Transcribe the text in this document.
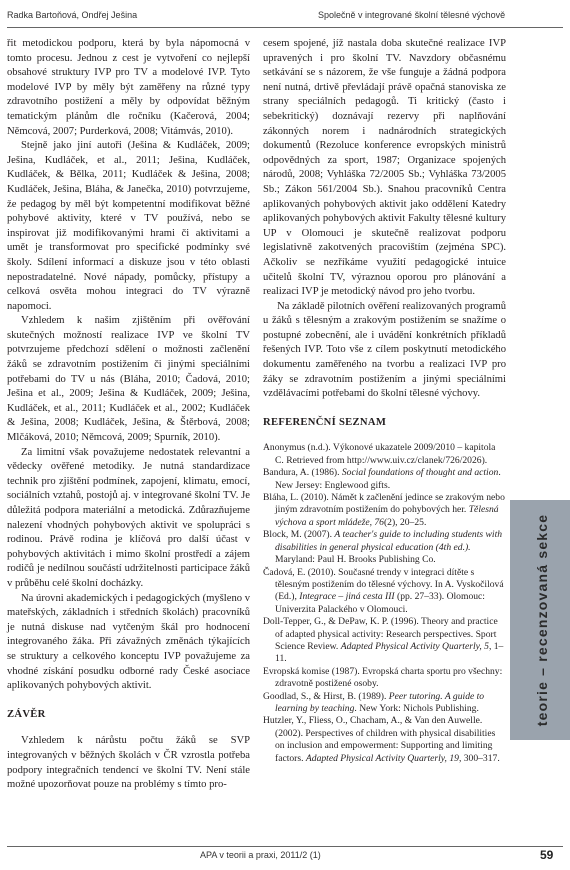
Radka Bartoňová, Ondřej Ješina	Společně v integrované školní tělesné výchově

řit metodickou podporu, která by byla nápomocná v tomto procesu. Jednou z cest je vytvoření co nejlepší obsahové struktury IVP pro TV a modelové IVP. Tyto modelové IVP by měly být zaměřeny na různé typy zdravotního postižení a měly by odpovídat běžným tematickým plánům dle ročníku (Kačerová, 2004; Němcová, 2007; Purderková, 2008; Vitámvás, 2010).

Stejně jako jiní autoři (Ješina & Kudláček, 2009; Ješina, Kudláček, et al., 2011; Ješina, Kudláček, Kudláček, & Bělka, 2011; Kudláček & Ješina, 2008; Kudláček, Ješina, Bláha, & Janečka, 2010) potvrzujeme, že pedagog by měl být kompetentní modifikovat běžné pohybové aktivity, které v TV používá, nebo se inspirovat již modifikovanými hrami či aktivitami a umět je transformovat pro specifické podmínky své školy. Sdílení informací a diskuze jsou v této oblasti nepostradatelné. Nové nápady, pomůcky, přístupy a celková osvěta mohou integraci do TV výrazně napomoci.

Vzhledem k našim zjištěním při ověřování skutečných možností realizace IVP ve školní TV potvrzujeme předchozí sdělení o možnosti začlenění žáků se zdravotním postižením či jinými speciálními potřebami do TV u nás (Bláha, 2010; Čadová, 2010; Ješina et al., 2009; Ješina & Kudláček, 2009; Ješina, Kudláček, et al., 2011; Kudláček et al., 2002; Kudláček & Ješina, 2008; Kudláček, Ješina, & Štěrbová, 2008; Mlčáková, 2010; Němcová, 2009; Spurník, 2010).

Za limitní však považujeme nedostatek relevantní a vědecky ověřené metodiky. Je nutná standardizace technik pro zjištění podmínek, zapojení, klimatu, emocí, sociálních vztahů, postojů aj. v integrované školní TV. Je důležitá podpora materiální a metodická. Zdůrazňujeme nalezení vhodných pohybových aktivit ve spolupráci s rodinou. Právě rodina je klíčová pro další účast v pohybových aktivitách i mimo školní prostředí a zájem rodičů je nedílnou součástí udržitelnosti participace žáků v průběhu celé školní docházky.

Na úrovni akademických i pedagogických (myšleno v mateřských, základních i středních školách) pracovníků je nutná diskuse nad vytčeným škál pro hodnocení integrovaného žáka. Při závažných změnách týkajících se struktury a celkového konceptu IVP považujeme za vhodné získání posudku odborné rady České asociace aplikovaných pohybových aktivit.

ZÁVĚR

Vzhledem k nárůstu počtu žáků se SVP integrovaných v běžných školách v ČR vzrostla potřeba podpory integračních tendencí ve školní TV. Není stále možné upozorňovat pouze na problémy s tímto pro-

cesem spojené, jíž nastala doba skutečné realizace IVP upravených i pro školní TV. Navzdory občasnému setkávání se s názorem, že vše funguje a žádná podpora není nutná, drtivě převládají právě opačná stanoviska ze strany speciálních pedagogů. Ti kritický (často i sebekritický) doznávají rezervy při naplňování zákonných norem i nadnárodních strategických dokumentů (Rezoluce konference evropských ministrů odpovědných za sport, 1987; Organizace spojených národů, 2008; Vyhláška 72/2005 Sb.; Vyhláška 73/2005 Sb.; Zákon 561/2004 Sb.). Snahou pracovníků Centra aplikovaných pohybových aktivit jako oddělení Katedry aplikovaných pohybových aktivit Fakulty tělesné kultury UP v Olomouci je skutečně realizovat podporu legislativně zakotvených pracovištím (zejména SPC). Ačkoliv se nezříkáme využití pedagogické intuice učitelů školní TV, výraznou oporou pro plánování a realizaci IVP je metodický návod pro jeho tvorbu.

Na základě pilotních ověření realizovaných programů u žáků s tělesným a zrakovým postižením se snažíme o postupné zobecnění, ale i uvádění konkrétních příkladů řešených IVP. Toto vše z cílem poskytnutí metodického dokumentu zaměřeného na tvorbu a realizaci IVP pro žáky se zdravotním postižením a jinými speciálními vzdělávacími potřebami do školní tělesné výchovy.

REFERENČNÍ SEZNAM
Anonymus (n.d.). Výkonové ukazatele 2009/2010 – kapitola C. Retrieved from http://www.uiv.cz/clanek/726/2026).
Bandura, A. (1986). Social foundations of thought and action. New Jersey: Englewood gifts.
Bláha, L. (2010). Námět k začlenění jedince se zrakovým nebo jiným zdravotním postižením do pohybových her. Tělesná výchova a sport mládeže, 76(2), 20–25.
Block, M. (2007). A teacher's guide to including students with disabilities in general physical education (4th ed.). Maryland: Paul H. Brooks Publishing Co.
Čadová, E. (2010). Současné trendy v integraci dítěte s tělesným postižením do tělesné výchovy. In A. Vyskočilová (Ed.), Integrace – jiná cesta III (pp. 27–33). Olomouc: Univerzita Palackého v Olomouci.
Doll-Tepper, G., & DePaw, K. P. (1996). Theory and practice of adapted physical activity: Research perspectives. Sport Science Review. Adapted Physical Activity Quarterly, 5, 1–11.
Evropská komise (1987). Evropská charta sportu pro všechny: zdravotně postižené osoby.
Goodlad, S., & Hirst, B. (1989). Peer tutoring. A guide to learning by teaching. New York: Nichols Publishing.
Hutzler, Y., Fliess, O., Chacham, A., & Van den Auwelle. (2002). Perspectives of children with physical disabilities on inclusion and empowerment: Supporting and limiting factors. Adapted Physical Activity Quarterly, 19, 300–317.
teorie – recenzovaná sekce
APA v teorii a praxi, 2011/2 (1)	59
